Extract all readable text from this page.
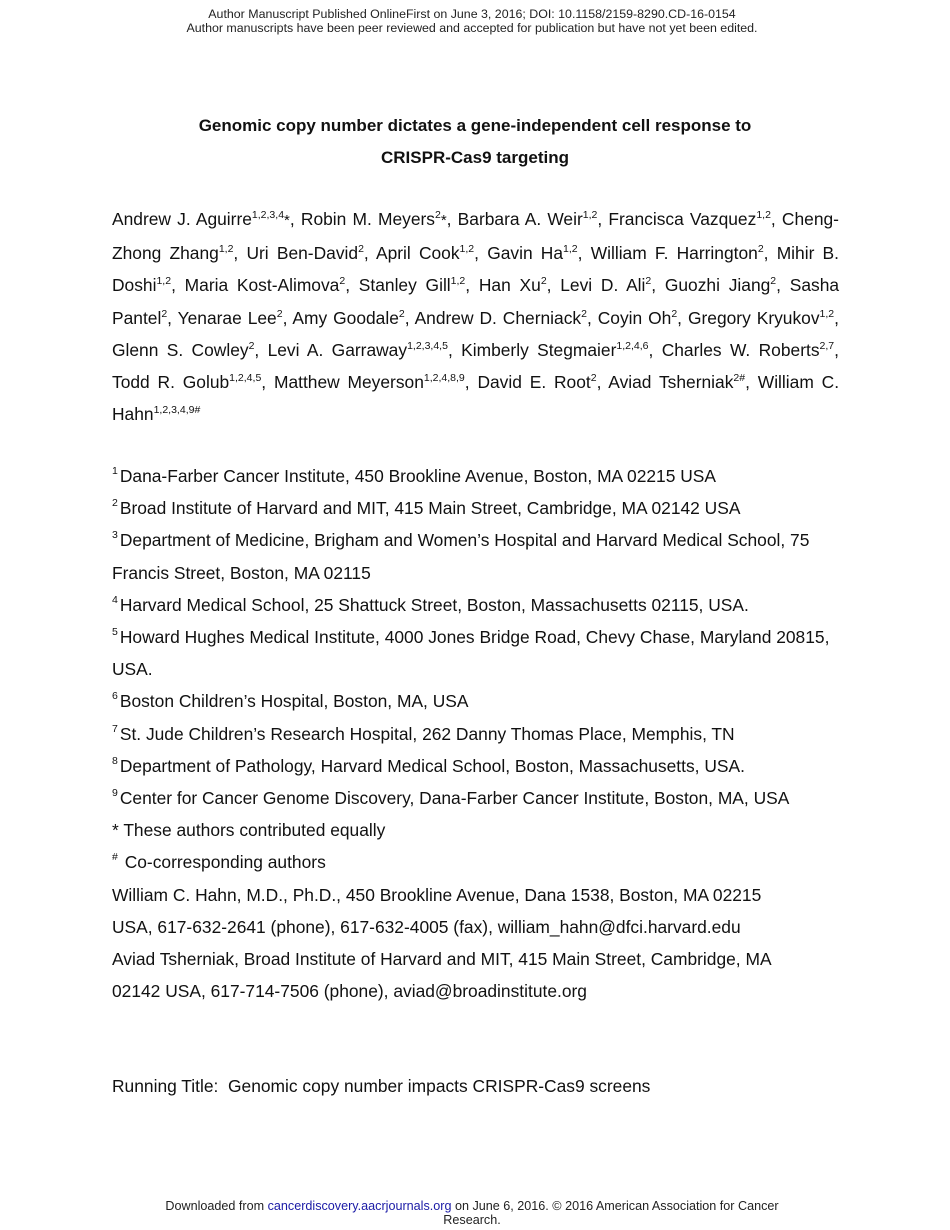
Author Manuscript Published OnlineFirst on June 3, 2016; DOI: 10.1158/2159-8290.CD-16-0154
Author manuscripts have been peer reviewed and accepted for publication but have not yet been edited.
Genomic copy number dictates a gene-independent cell response to
CRISPR-Cas9 targeting
Andrew J. Aguirre$^{1,2,3,4}$*, Robin M. Meyers$^2$*, Barbara A. Weir$^{1,2}$, Francisca Vazquez$^{1,2}$, Cheng-Zhong Zhang$^{1,2}$, Uri Ben-David$^2$, April Cook$^{1,2}$, Gavin Ha$^{1,2}$, William F. Harrington$^2$, Mihir B. Doshi$^{1,2}$, Maria Kost-Alimova$^2$, Stanley Gill$^{1,2}$, Han Xu$^2$, Levi D. Ali$^2$, Guozhi Jiang$^2$, Sasha Pantel$^2$, Yenarae Lee$^2$, Amy Goodale$^2$, Andrew D. Cherniack$^2$, Coyin Oh$^2$, Gregory Kryukov$^{1,2}$, Glenn S. Cowley$^2$, Levi A. Garraway$^{1,2,3,4,5}$, Kimberly Stegmaier$^{1,2,4,6}$, Charles W. Roberts$^{2,7}$, Todd R. Golub$^{1,2,4,5}$, Matthew Meyerson$^{1,2,4,8,9}$, David E. Root$^2$, Aviad Tsherniak$^{2\#}$, William C. Hahn$^{1,2,3,4,9\#}$

$^1$ Dana-Farber Cancer Institute, 450 Brookline Avenue, Boston, MA 02215 USA

$^2$ Broad Institute of Harvard and MIT, 415 Main Street, Cambridge, MA 02142 USA

$^3$ Department of Medicine, Brigham and Women’s Hospital and Harvard Medical School, 75 Francis Street, Boston, MA 02115

$^4$ Harvard Medical School, 25 Shattuck Street, Boston, Massachusetts 02115, USA.

$^5$ Howard Hughes Medical Institute, 4000 Jones Bridge Road, Chevy Chase, Maryland 20815, USA.

$^6$ Boston Children’s Hospital, Boston, MA, USA

$^7$ St. Jude Children’s Research Hospital, 262 Danny Thomas Place, Memphis, TN

$^8$ Department of Pathology, Harvard Medical School, Boston, Massachusetts, USA.

$^9$ Center for Cancer Genome Discovery, Dana-Farber Cancer Institute, Boston, MA, USA

* These authors contributed equally

# Co-corresponding authors

William C. Hahn, M.D., Ph.D., 450 Brookline Avenue, Dana 1538, Boston, MA 02215
USA, 617-632-2641 (phone), 617-632-4005 (fax), william_hahn@dfci.harvard.edu

Aviad Tsherniak, Broad Institute of Harvard and MIT, 415 Main Street, Cambridge, MA
02142 USA, 617-714-7506 (phone), aviad@broadinstitute.org

Running Title: Genomic copy number impacts CRISPR-Cas9 screens
Downloaded from cancerdiscovery.aacrjournals.org on June 6, 2016. © 2016 American Association for Cancer
Research.
